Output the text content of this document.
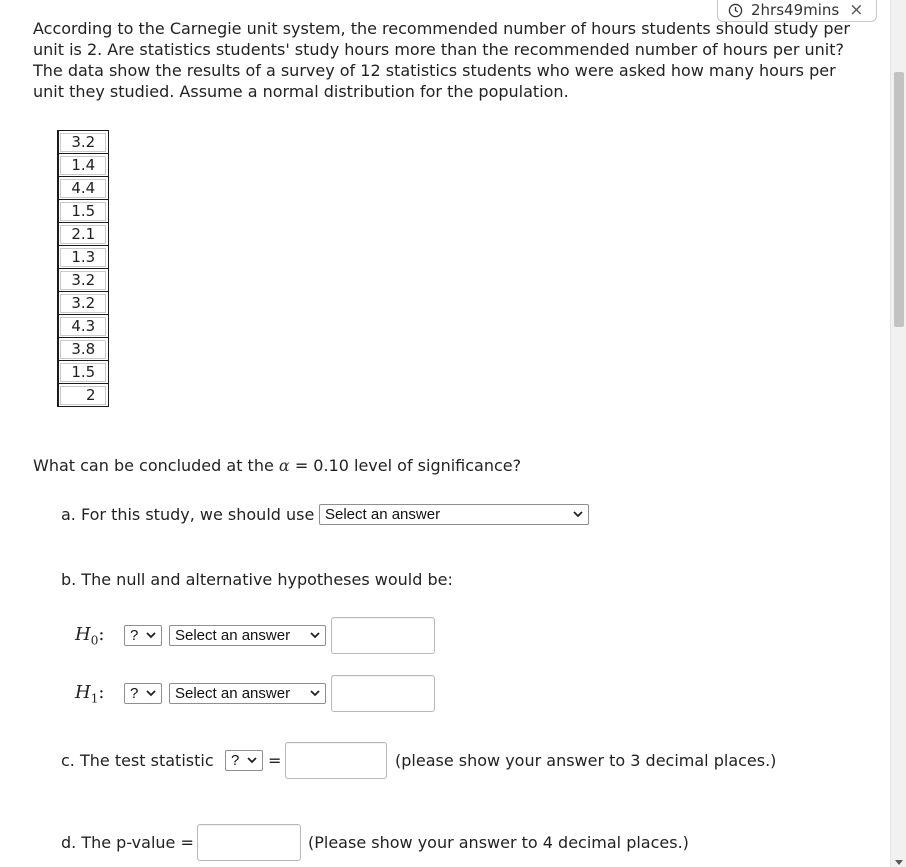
2hrs49mins ×

According to the Carnegie unit system, the recommended number of hours students should study per

unit is 2. Are statistics students' study hours more than the recommended number of hours per unit?

The data show the results of a survey of 12 statistics students who were asked how many hours per

unit they studied. Assume a normal distribution for the population.

3.2
1.4
4.4
1.5
2.1
1.3
3.2
3.2
4.3
3.8
1.5
2
What can be concluded at the α = 0.10 level of significance?
a. For this study, we should use Select an answer
b. The null and alternative hypotheses would be:
$H_0$: ? Select an answer
$H_1$: ? Select an answer
c. The test statistic ? =	(please show your answer to 3 decimal places.)
d. The p-value =	(Please show your answer to 4 decimal places.)
